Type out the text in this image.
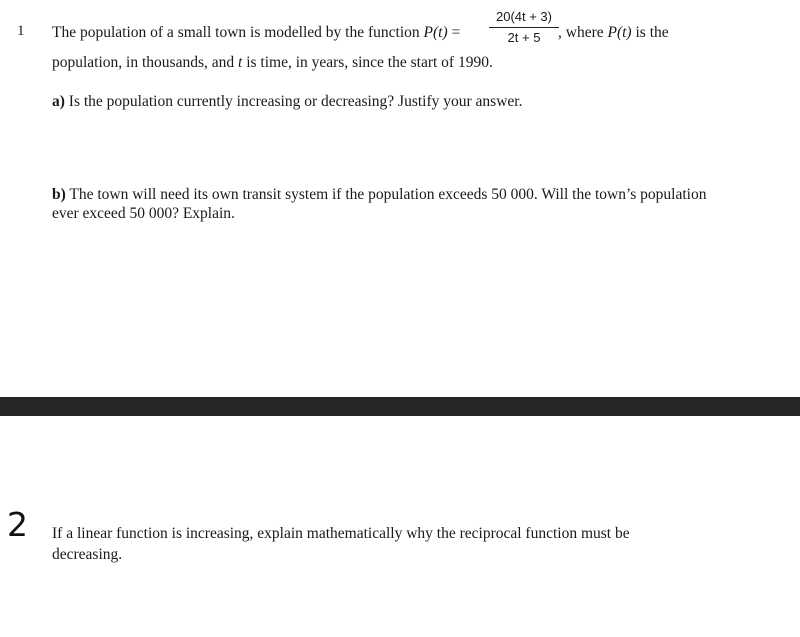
1 The population of a small town is modelled by the function P(t) =
20(4t + 3)
2t + 5	, where P(t) is the
population, in thousands, and t is time, in years, since the start of 1990.
a) Is the population currently increasing or decreasing? Justify your answer.
b) The town will need its own transit system if the population exceeds 50 000. Will the town’s population
ever exceed 50 000? Explain.
2 If a linear function is increasing, explain mathematically why the reciprocal function must be
decreasing.
